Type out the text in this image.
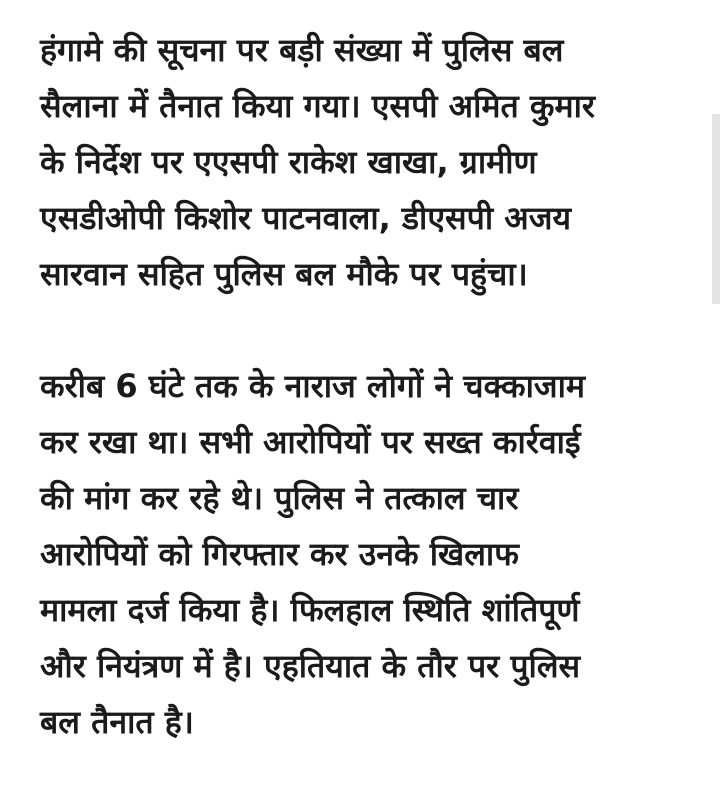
हंगामे की सूचना पर बड़ी संख्या में पुलिस बल
सैलाना में तैनात किया गया। एसपी अमित कुमार
के निर्देश पर एएसपी राकेश खाखा, ग्रामीण
एसडीओपी किशोर पाटनवाला, डीएसपी अजय
सारवान सहित पुलिस बल मौके पर पहुंचा।

करीब 6 घंटे तक के नाराज लोगों ने चक्काजाम
कर रखा था। सभी आरोपियों पर सख्त कार्रवाई
की मांग कर रहे थे। पुलिस ने तत्काल चार
आरोपियों को गिरफ्तार कर उनके खिलाफ
मामला दर्ज किया है। फिलहाल स्थिति शांतिपूर्ण
और नियंत्रण में है। एहतियात के तौर पर पुलिस
बल तैनात है।
